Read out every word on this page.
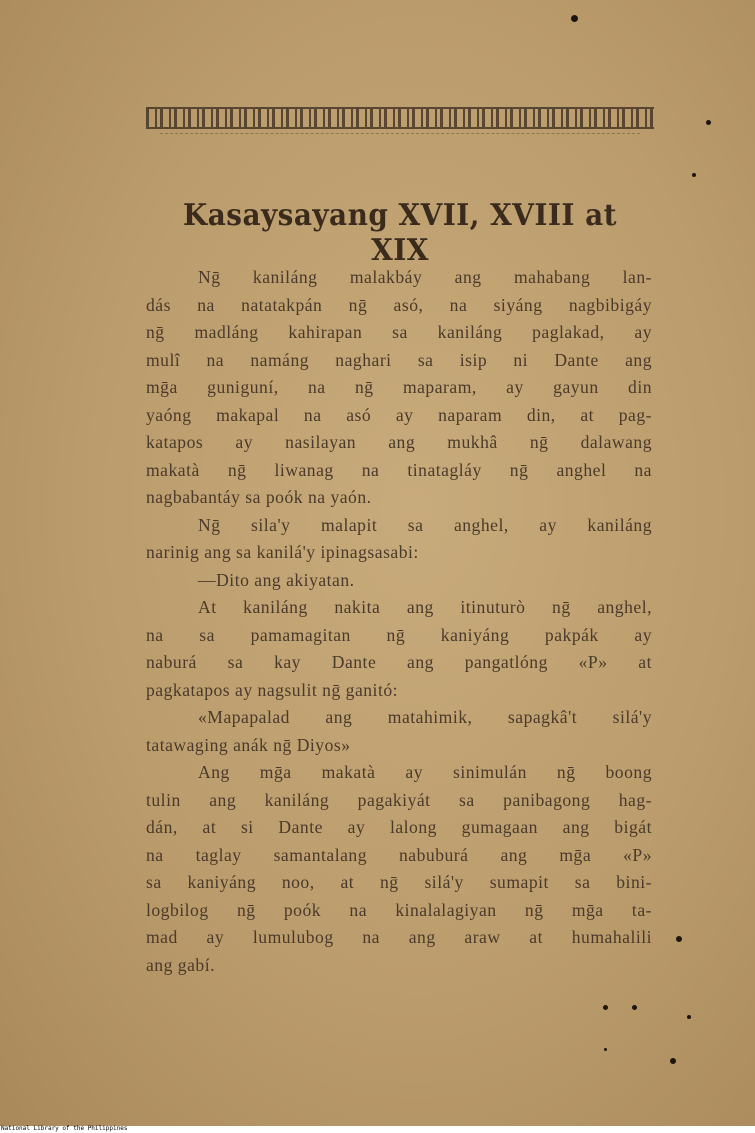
Kasaysayang XVII, XVIII at XIX
Nḡ kaniláng malakbáy ang mahabang lan-
dás na natatakpán nḡ asó, na siyáng nagbibigáy
nḡ madláng kahirapan sa kaniláng paglakad, ay
mulî na namáng naghari sa isip ni Dante ang
mḡa guniguní, na nḡ maparam, ay gayun din
yaóng makapal na asó ay naparam din, at pag-
katapos ay nasilayan ang mukhâ nḡ dalawang
makatà nḡ liwanag na tinatagláy nḡ anghel na
nagbabantáy sa poók na yaón.
Nḡ sila'y malapit sa anghel, ay kaniláng
narinig ang sa kanilá'y ipinagsasabi:
—Dito ang akiyatan.
At kaniláng nakita ang itinuturò nḡ anghel,
na sa pamamagitan nḡ kaniyáng pakpák ay
naburá sa kay Dante ang pangatlóng «P» at
pagkatapos ay nagsulit nḡ ganitó:
«Mapapalad ang matahimik, sapagkâ't silá'y
tatawaging anák nḡ Diyos»
Ang mḡa makatà ay sinimulán nḡ boong
tulin ang kaniláng pagakiyát sa panibagong hag-
dán, at si Dante ay lalong gumagaan ang bigát
na taglay samantalang nabuburá ang mḡa «P»
sa kaniyáng noo, at nḡ silá'y sumapit sa bini-
logbilog nḡ poók na kinalalagiyan nḡ mḡa ta-
mad ay lumulubog na ang araw at humahalili
ang gabí.
National Library of the Philippines
